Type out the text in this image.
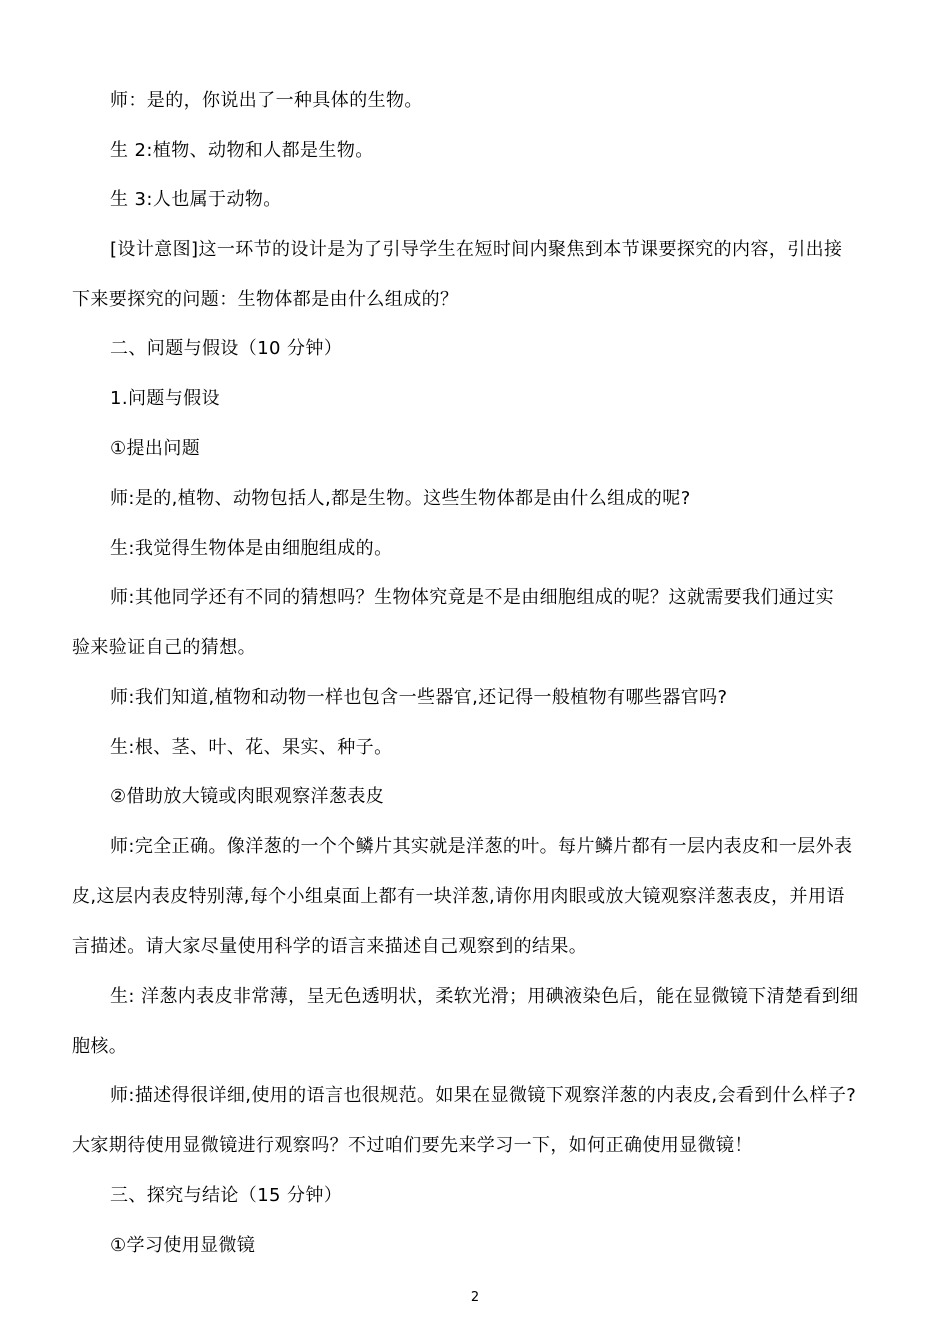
师：是的，你说出了一种具体的生物。
生 2:植物、动物和人都是生物。
生 3:人也属于动物。
[设计意图]这一环节的设计是为了引导学生在短时间内聚焦到本节课要探究的内容，引出接
下来要探究的问题：生物体都是由什么组成的？
二、问题与假设（10 分钟）
1.问题与假设
①提出问题
师:是的,植物、动物包括人,都是生物。这些生物体都是由什么组成的呢?
生:我觉得生物体是由细胞组成的。
师:其他同学还有不同的猜想吗？生物体究竟是不是由细胞组成的呢？这就需要我们通过实
验来验证自己的猜想。
师:我们知道,植物和动物一样也包含一些器官,还记得一般植物有哪些器官吗?
生:根、茎、叶、花、果实、种子。
②借助放大镜或肉眼观察洋葱表皮
师:完全正确。像洋葱的一个个鳞片其实就是洋葱的叶。每片鳞片都有一层内表皮和一层外表
皮,这层内表皮特别薄,每个小组桌面上都有一块洋葱,请你用肉眼或放大镜观察洋葱表皮，并用语
言描述。请大家尽量使用科学的语言来描述自己观察到的结果。
生: 洋葱内表皮非常薄，呈无色透明状，柔软光滑；用碘液染色后，能在显微镜下清楚看到细
胞核。
师:描述得很详细,使用的语言也很规范。如果在显微镜下观察洋葱的内表皮,会看到什么样子?
大家期待使用显微镜进行观察吗？不过咱们要先来学习一下，如何正确使用显微镜！
三、探究与结论（15 分钟）
①学习使用显微镜
2
